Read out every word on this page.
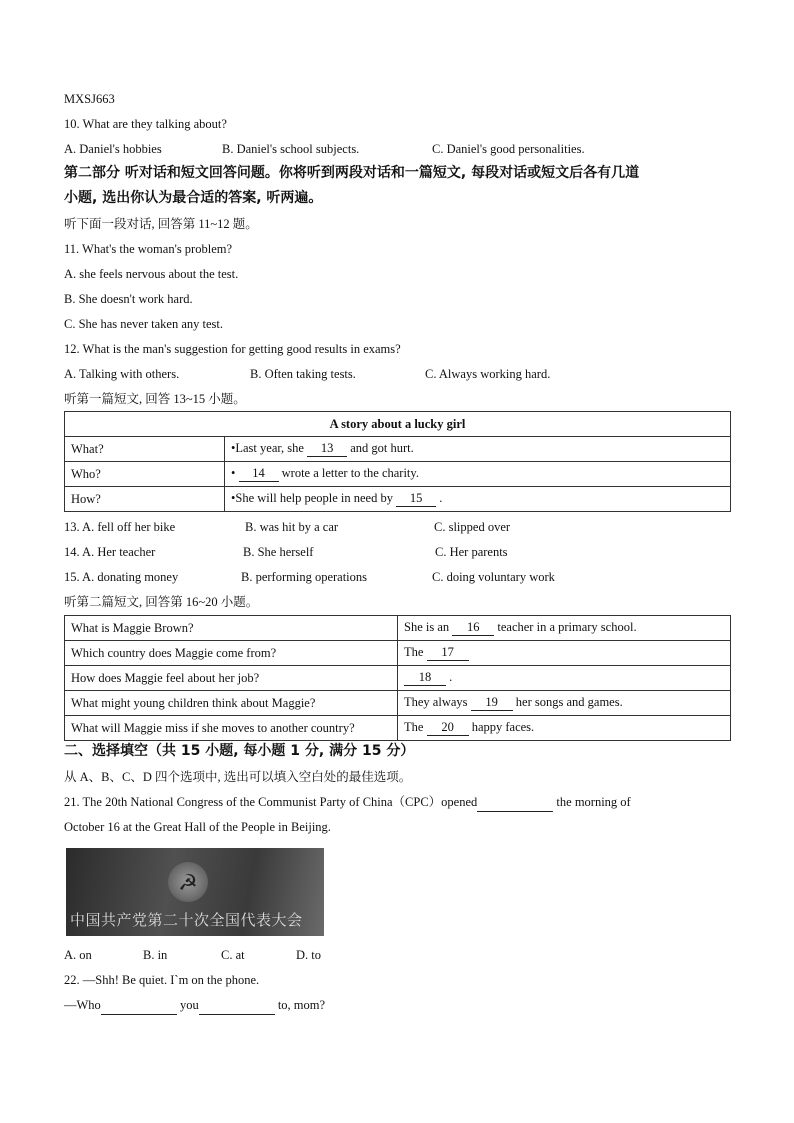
MXSJ663
10. What are they talking about?
A. Daniel's hobbies	B. Daniel's school subjects.	C. Daniel's good personalities.
第二部分 听对话和短文回答问题。你将听到两段对话和一篇短文, 每段对话或短文后各有几道
小题, 选出你认为最合适的答案, 听两遍。
听下面一段对话, 回答第 11~12 题。
11. What's the woman's problem?
A. she feels nervous about the test.
B. She doesn't work hard.
C. She has never taken any test.
12. What is the man's suggestion for getting good results in exams?
A. Talking with others.	B. Often taking tests.	C. Always working hard.
听第一篇短文, 回答 13~15 小题。
A story about a lucky girl	
What?	•Last year, she 13 and got hurt.
Who?	• 14 wrote a letter to the charity.
How?	•She will help people in need by 15 .
13. A. fell off her bike	B. was hit by a car	C. slipped over
14. A. Her teacher	B. She herself	C. Her parents
15. A. donating money	B. performing operations	C. doing voluntary work
听第二篇短文, 回答第 16~20 小题。
What is Maggie Brown?	She is an 16 teacher in a primary school.
Which country does Maggie come from?	The 17
How does Maggie feel about her job?	18 .
What might young children think about Maggie?	They always 19 her songs and games.
What will Maggie miss if she moves to another country?	The 20 happy faces.
二、选择填空（共 15 小题, 每小题 1 分, 满分 15 分）
从 A、B、C、D 四个选项中, 选出可以填入空白处的最佳选项。
21. The 20th National Congress of the Communist Party of China（CPC）opened	the morning of
October 16 at the Great Hall of the People in Beijing.
☭
中国共产党第二十次全国代表大会
A. on	B. in	C. at	D. to
22. —Shh! Be quiet. I`m on the phone.
—Who	you	to, mom?
